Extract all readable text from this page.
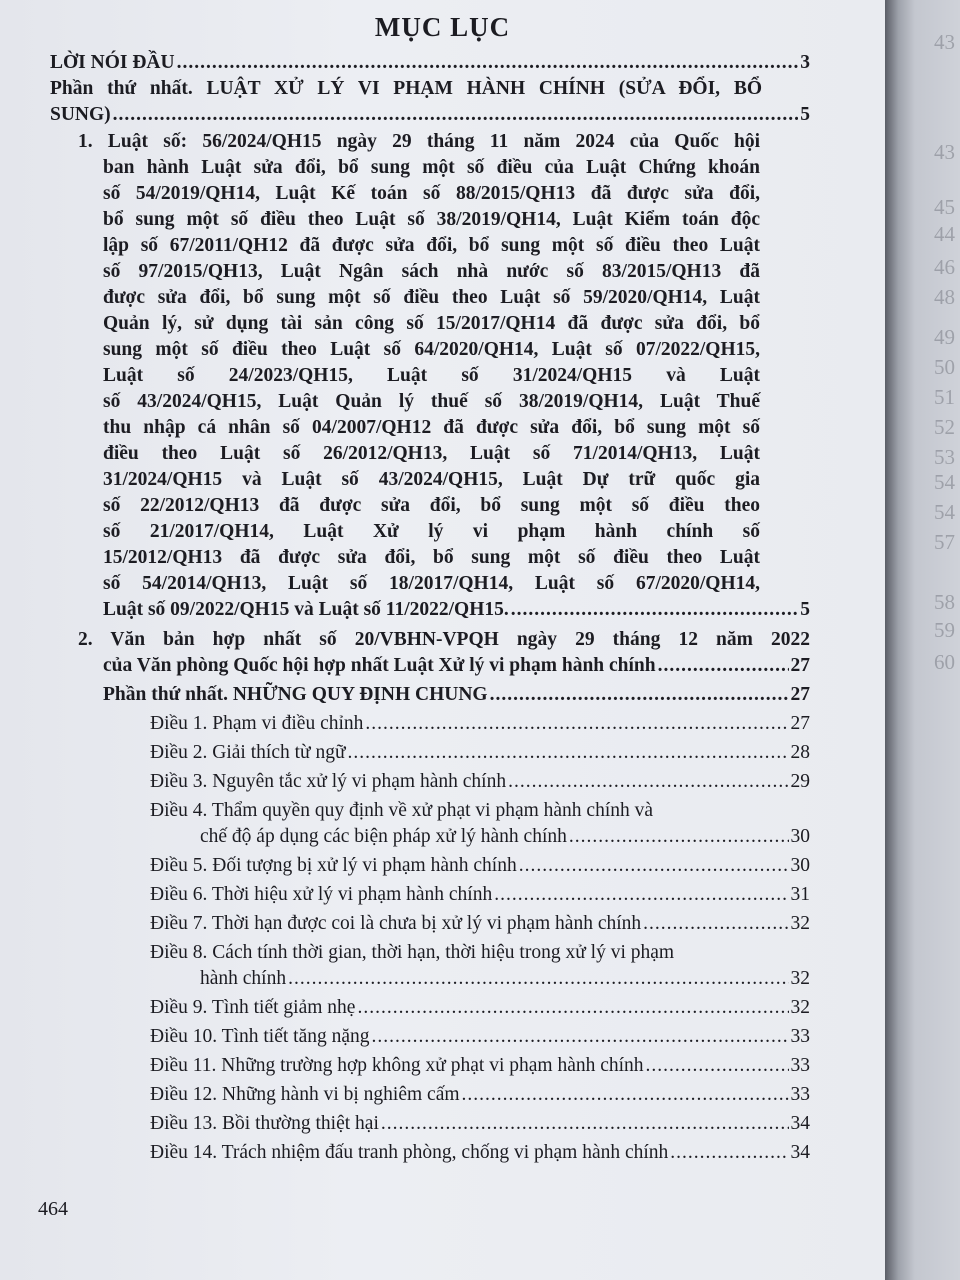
MỤC LỤC
LỜI NÓI ĐẦU .....	3
Phần thứ nhất. LUẬT XỬ LÝ VI PHẠM HÀNH CHÍNH (SỬA ĐỔI, BỔ
SUNG) .....	5
1. Luật số: 56/2024/QH15 ngày 29 tháng 11 năm 2024 của Quốc hội
ban hành Luật sửa đổi, bổ sung một số điều của Luật Chứng khoán
số 54/2019/QH14, Luật Kế toán số 88/2015/QH13 đã được sửa đổi,
bổ sung một số điều theo Luật số 38/2019/QH14, Luật Kiểm toán độc
lập số 67/2011/QH12 đã được sửa đổi, bổ sung một số điều theo Luật
số 97/2015/QH13, Luật Ngân sách nhà nước số 83/2015/QH13 đã
được sửa đổi, bổ sung một số điều theo Luật số 59/2020/QH14, Luật
Quản lý, sử dụng tài sản công số 15/2017/QH14 đã được sửa đổi, bổ
sung một số điều theo Luật số 64/2020/QH14, Luật số 07/2022/QH15,
Luật số 24/2023/QH15, Luật số 31/2024/QH15 và Luật
số 43/2024/QH15, Luật Quản lý thuế số 38/2019/QH14, Luật Thuế
thu nhập cá nhân số 04/2007/QH12 đã được sửa đổi, bổ sung một số
điều theo Luật số 26/2012/QH13, Luật số 71/2014/QH13, Luật
31/2024/QH15 và Luật số 43/2024/QH15, Luật Dự trữ quốc gia
số 22/2012/QH13 đã được sửa đổi, bổ sung một số điều theo
số 21/2017/QH14, Luật Xử lý vi phạm hành chính số
15/2012/QH13 đã được sửa đổi, bổ sung một số điều theo Luật
số 54/2014/QH13, Luật số 18/2017/QH14, Luật số 67/2020/QH14,
Luật số 09/2022/QH15 và Luật số 11/2022/QH15. .....	5
2. Văn bản hợp nhất số 20/VBHN-VPQH ngày 29 tháng 12 năm 2022
của Văn phòng Quốc hội hợp nhất Luật Xử lý vi phạm hành chính .....	27
Phần thứ nhất. NHỮNG QUY ĐỊNH CHUNG .....	27
Điều 1. Phạm vi điều chỉnh .....	27
Điều 2. Giải thích từ ngữ .....	28
Điều 3. Nguyên tắc xử lý vi phạm hành chính .....	29
Điều 4. Thẩm quyền quy định về xử phạt vi phạm hành chính và
chế độ áp dụng các biện pháp xử lý hành chính .....	30
Điều 5. Đối tượng bị xử lý vi phạm hành chính .....	30
Điều 6. Thời hiệu xử lý vi phạm hành chính .....	31
Điều 7. Thời hạn được coi là chưa bị xử lý vi phạm hành chính .....	32
Điều 8. Cách tính thời gian, thời hạn, thời hiệu trong xử lý vi phạm
hành chính .....	32
Điều 9. Tình tiết giảm nhẹ .....	32
Điều 10. Tình tiết tăng nặng .....	33
Điều 11. Những trường hợp không xử phạt vi phạm hành chính .....	33
Điều 12. Những hành vi bị nghiêm cấm .....	33
Điều 13. Bồi thường thiệt hại .....	34
Điều 14. Trách nhiệm đấu tranh phòng, chống vi phạm hành chính .....	34
464
43
43
45
44
46
48
49
50
51
52
53
54
54
57
58
59
60
